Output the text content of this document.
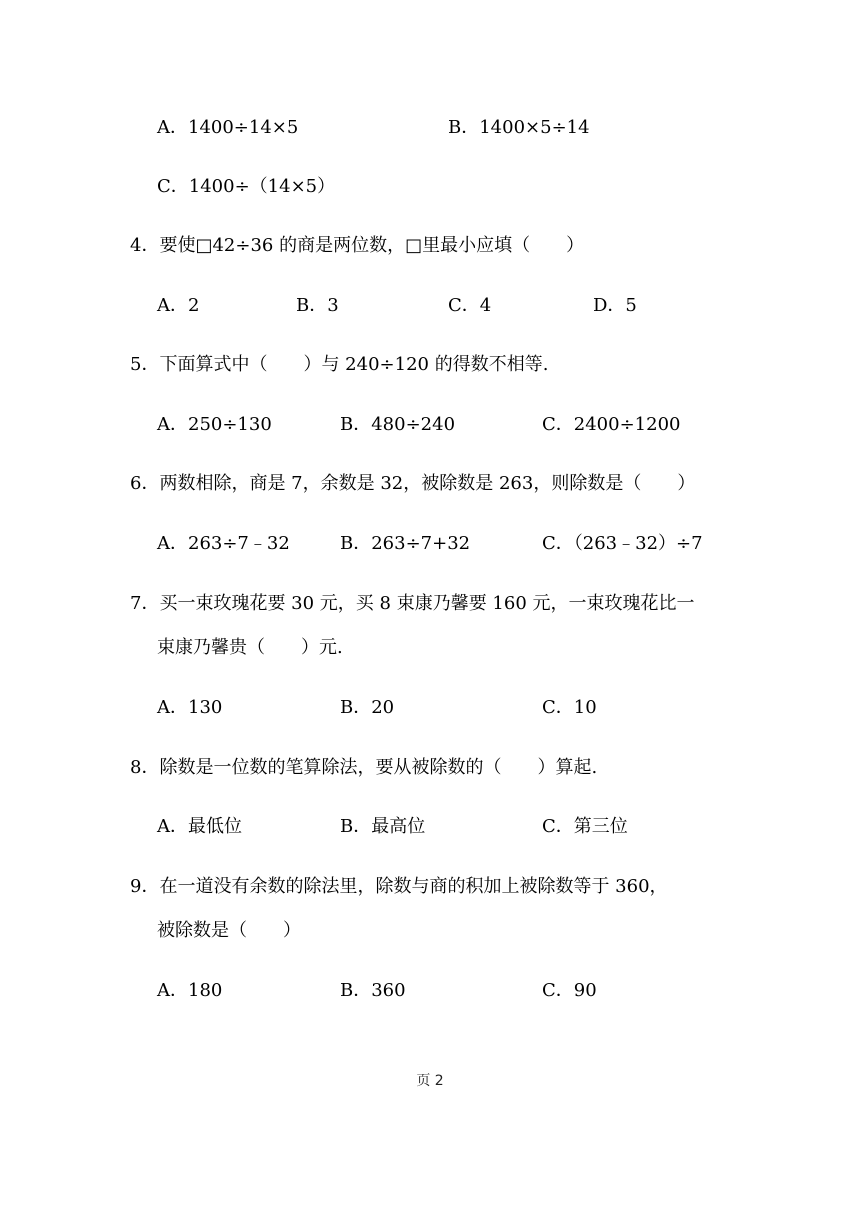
A．1400÷14×5	B．1400×5÷14
C．1400÷（14×5）
4．要使□42÷36 的商是两位数，□里最小应填（　　）
A．2	B．3	C．4	D．5
5．下面算式中（　　）与 240÷120 的得数不相等.
A．250÷130	B．480÷240	C．2400÷1200
6．两数相除，商是 7，余数是 32，被除数是 263，则除数是（　　）
A．263÷7﹣32	B．263÷7+32	C．（263﹣32）÷7
7．买一束玫瑰花要 30 元，买 8 束康乃馨要 160 元，一束玫瑰花比一
束康乃馨贵（　　）元.
A．130	B．20	C．10
8．除数是一位数的笔算除法，要从被除数的（　　）算起.
A．最低位	B．最高位	C．第三位
9．在一道没有余数的除法里，除数与商的积加上被除数等于 360，
被除数是（　　）
A．180	B．360	C．90
页 2
